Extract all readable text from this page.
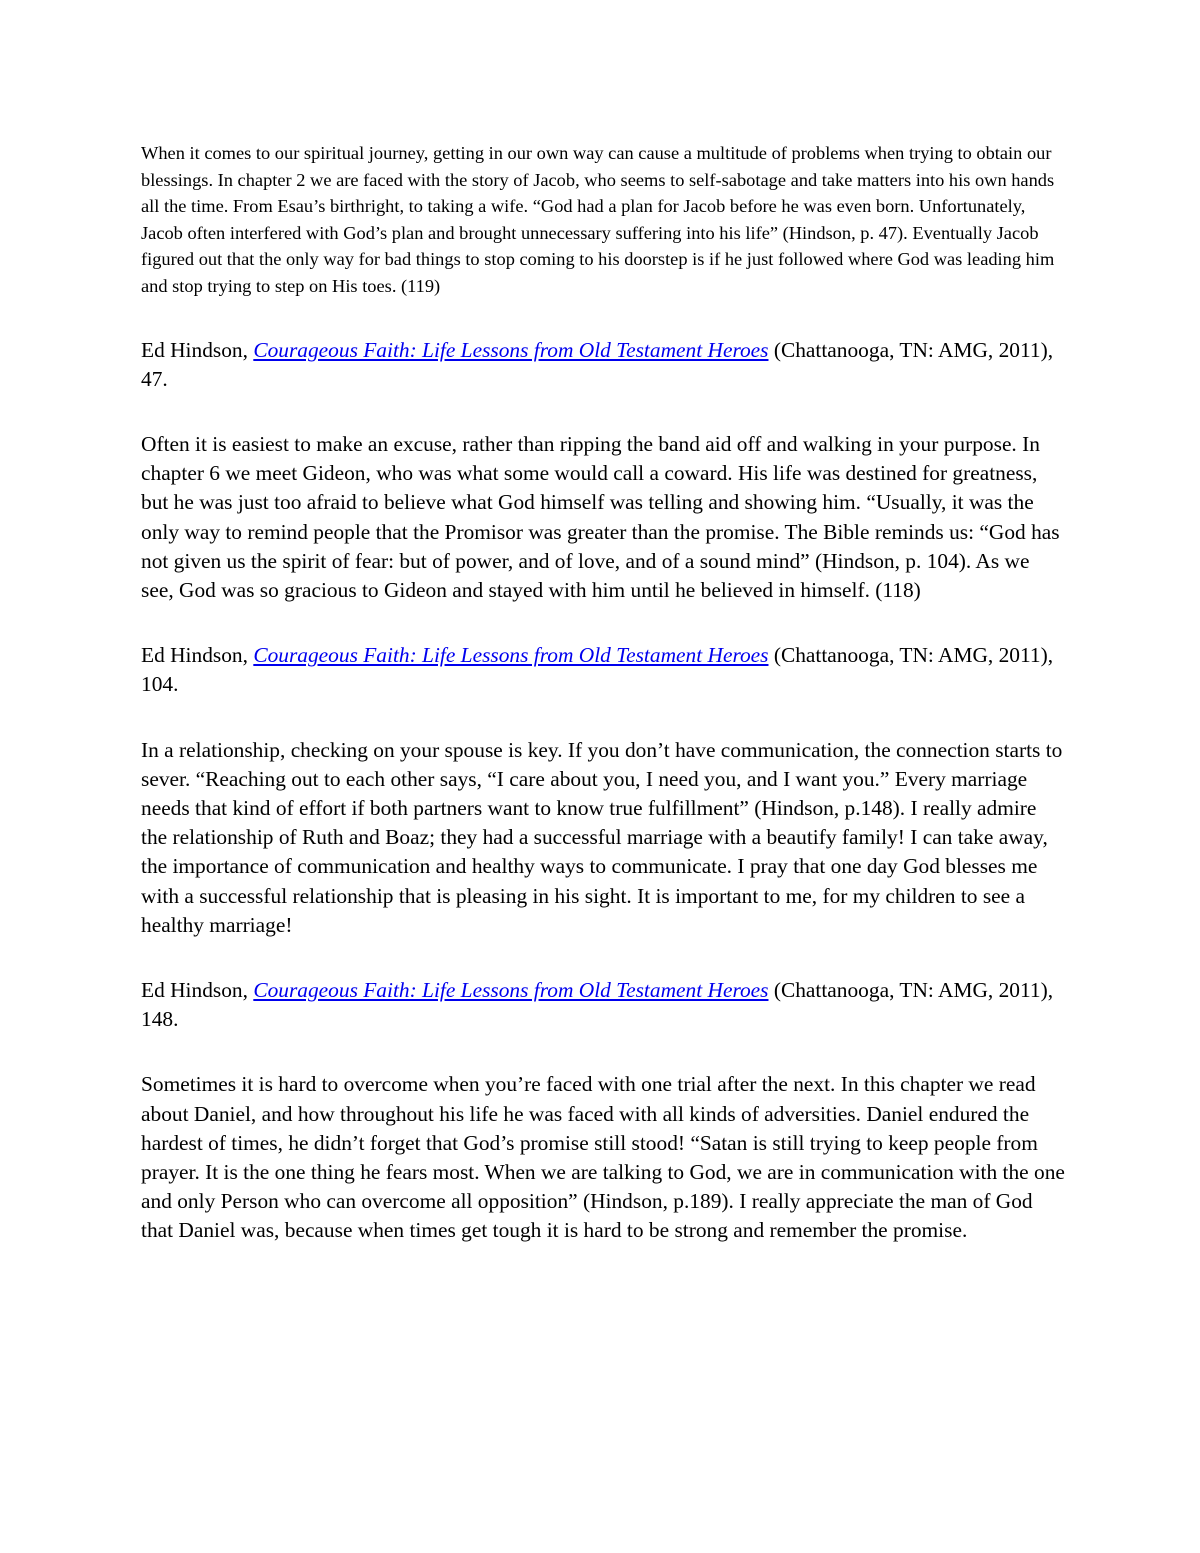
When it comes to our spiritual journey, getting in our own way can cause a multitude of problems when trying to obtain our blessings. In chapter 2 we are faced with the story of Jacob, who seems to self-sabotage and take matters into his own hands all the time. From Esau’s birthright, to taking a wife. “God had a plan for Jacob before he was even born. Unfortunately, Jacob often interfered with God’s plan and brought unnecessary suffering into his life” (Hindson, p. 47). Eventually Jacob figured out that the only way for bad things to stop coming to his doorstep is if he just followed where God was leading him and stop trying to step on His toes. (119)

Ed Hindson, Courageous Faith: Life Lessons from Old Testament Heroes (Chattanooga, TN: AMG, 2011), 47.

Often it is easiest to make an excuse, rather than ripping the band aid off and walking in your purpose. In chapter 6 we meet Gideon, who was what some would call a coward. His life was destined for greatness, but he was just too afraid to believe what God himself was telling and showing him. “Usually, it was the only way to remind people that the Promisor was greater than the promise. The Bible reminds us: “God has not given us the spirit of fear: but of power, and of love, and of a sound mind” (Hindson, p. 104). As we see, God was so gracious to Gideon and stayed with him until he believed in himself. (118)

Ed Hindson, Courageous Faith: Life Lessons from Old Testament Heroes (Chattanooga, TN: AMG, 2011), 104.

In a relationship, checking on your spouse is key. If you don’t have communication, the connection starts to sever. “Reaching out to each other says, “I care about you, I need you, and I want you.” Every marriage needs that kind of effort if both partners want to know true fulfillment” (Hindson, p.148). I really admire the relationship of Ruth and Boaz; they had a successful marriage with a beautify family! I can take away, the importance of communication and healthy ways to communicate. I pray that one day God blesses me with a successful relationship that is pleasing in his sight. It is important to me, for my children to see a healthy marriage!

Ed Hindson, Courageous Faith: Life Lessons from Old Testament Heroes (Chattanooga, TN: AMG, 2011), 148.

Sometimes it is hard to overcome when you’re faced with one trial after the next. In this chapter we read about Daniel, and how throughout his life he was faced with all kinds of adversities. Daniel endured the hardest of times, he didn’t forget that God’s promise still stood! “Satan is still trying to keep people from prayer. It is the one thing he fears most. When we are talking to God, we are in communication with the one and only Person who can overcome all opposition” (Hindson, p.189). I really appreciate the man of God that Daniel was, because when times get tough it is hard to be strong and remember the promise.
